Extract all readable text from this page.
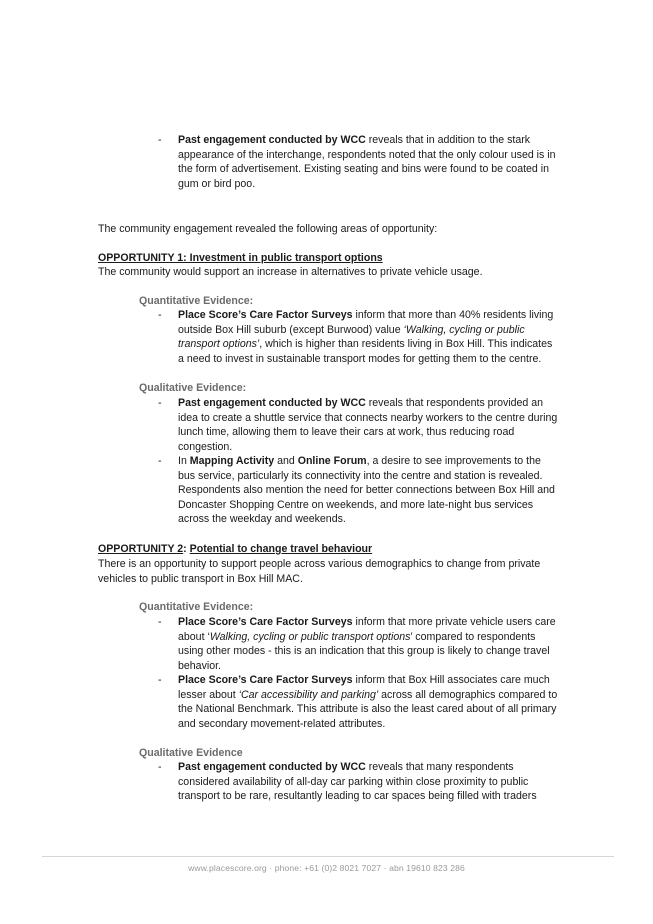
- Past engagement conducted by WCC reveals that in addition to the stark appearance of the interchange, respondents noted that the only colour used is in the form of advertisement. Existing seating and bins were found to be coated in gum or bird poo.
The community engagement revealed the following areas of opportunity:
OPPORTUNITY 1: Investment in public transport options
The community would support an increase in alternatives to private vehicle usage.
Quantitative Evidence:
- Place Score’s Care Factor Surveys inform that more than 40% residents living outside Box Hill suburb (except Burwood) value ‘Walking, cycling or public transport options’, which is higher than residents living in Box Hill. This indicates a need to invest in sustainable transport modes for getting them to the centre.
Qualitative Evidence:
- Past engagement conducted by WCC reveals that respondents provided an idea to create a shuttle service that connects nearby workers to the centre during lunch time, allowing them to leave their cars at work, thus reducing road congestion.
- In Mapping Activity and Online Forum, a desire to see improvements to the bus service, particularly its connectivity into the centre and station is revealed. Respondents also mention the need for better connections between Box Hill and Doncaster Shopping Centre on weekends, and more late-night bus services across the weekday and weekends.
OPPORTUNITY 2: Potential to change travel behaviour
There is an opportunity to support people across various demographics to change from private vehicles to public transport in Box Hill MAC.
Quantitative Evidence:
- Place Score’s Care Factor Surveys inform that more private vehicle users care about ‘Walking, cycling or public transport options’ compared to respondents using other modes - this is an indication that this group is likely to change travel behavior.
- Place Score’s Care Factor Surveys inform that Box Hill associates care much lesser about ‘Car accessibility and parking’ across all demographics compared to the National Benchmark. This attribute is also the least cared about of all primary and secondary movement-related attributes.
Qualitative Evidence
- Past engagement conducted by WCC reveals that many respondents considered availability of all-day car parking within close proximity to public transport to be rare, resultantly leading to car spaces being filled with traders
www.placescore.org · phone: +61 (0)2 8021 7027 · abn 19610 823 286
